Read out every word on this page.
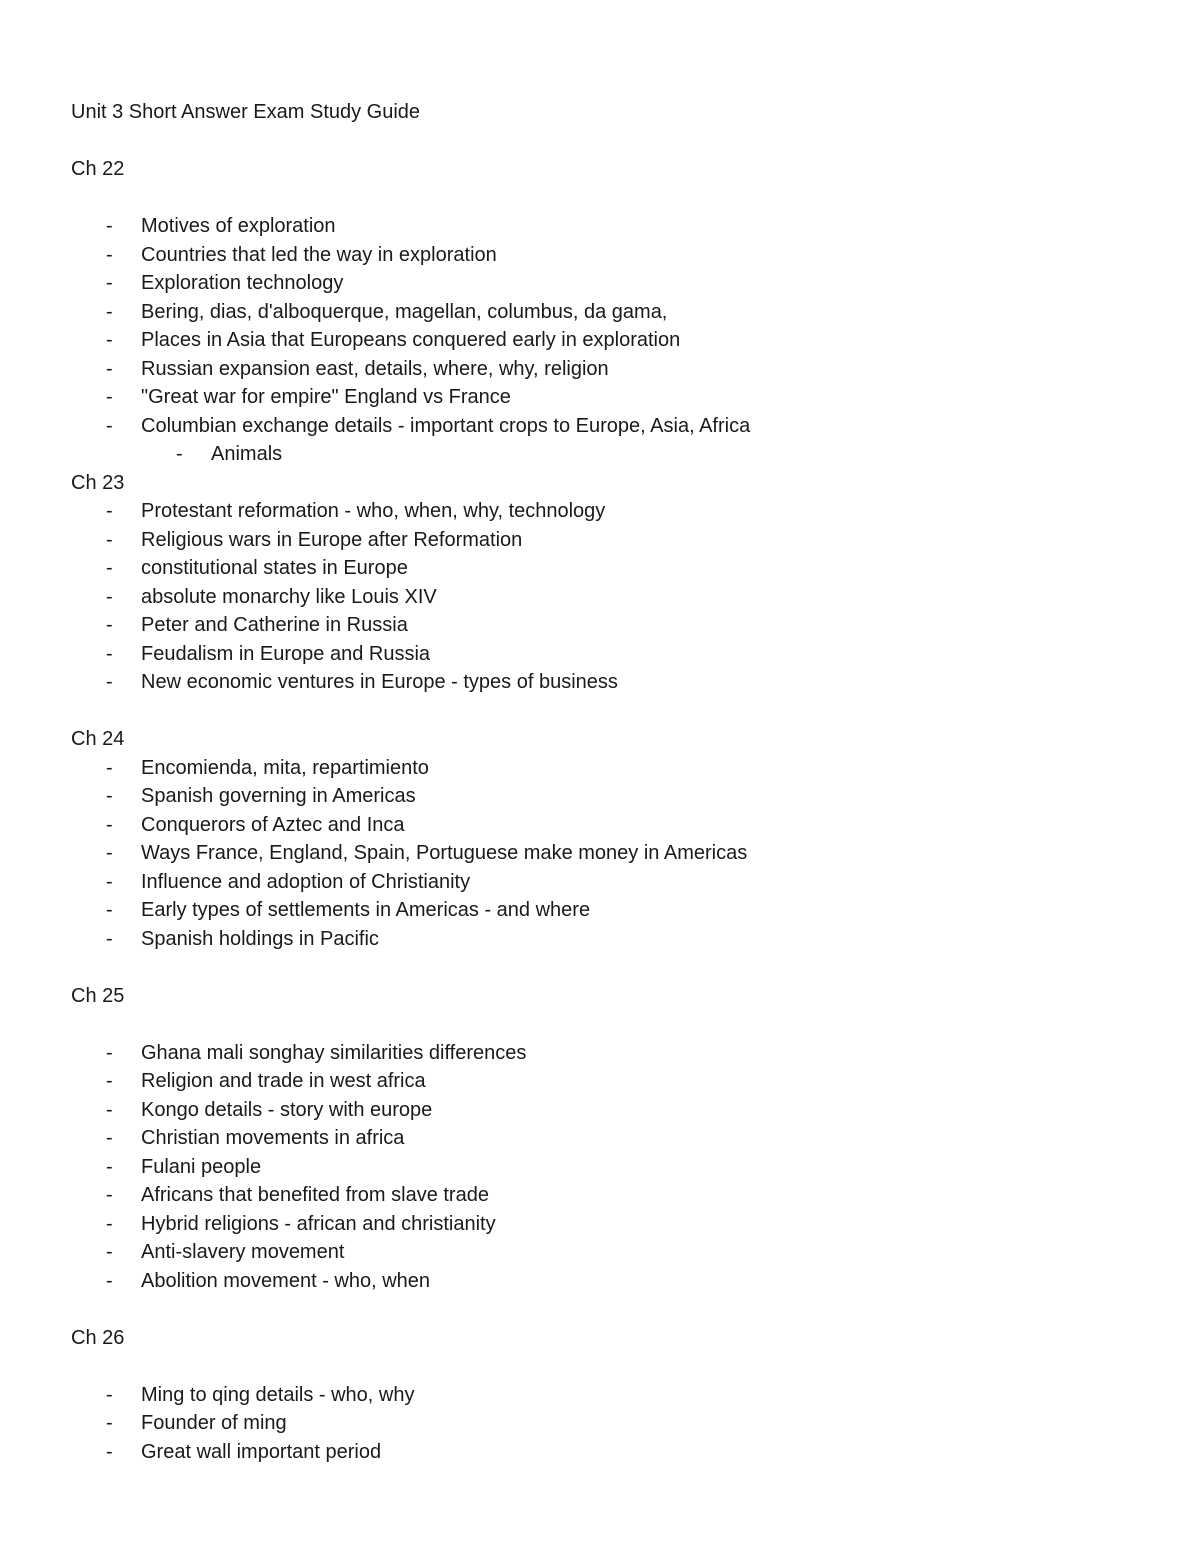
Unit 3 Short Answer Exam Study Guide
Ch 22
- Motives of exploration
- Countries that led the way in exploration
- Exploration technology
- Bering, dias, d'alboquerque, magellan, columbus, da gama,
- Places in Asia that Europeans conquered early in exploration
- Russian expansion east, details, where, why, religion
- "Great war for empire" England vs France
- Columbian exchange details - important crops to Europe, Asia, Africa
- Animals
Ch 23
- Protestant reformation - who, when, why, technology
- Religious wars in Europe after Reformation
- constitutional states in Europe
- absolute monarchy like Louis XIV
- Peter and Catherine in Russia
- Feudalism in Europe and Russia
- New economic ventures in Europe - types of business
Ch 24
- Encomienda, mita, repartimiento
- Spanish governing in Americas
- Conquerors of Aztec and Inca
- Ways France, England, Spain, Portuguese make money in Americas
- Influence and adoption of Christianity
- Early types of settlements in Americas - and where
- Spanish holdings in Pacific
Ch 25
- Ghana mali songhay similarities differences
- Religion and trade in west africa
- Kongo details - story with europe
- Christian movements in africa
- Fulani people
- Africans that benefited from slave trade
- Hybrid religions - african and christianity
- Anti-slavery movement
- Abolition movement - who, when
Ch 26
- Ming to qing details - who, why
- Founder of ming
- Great wall important period
